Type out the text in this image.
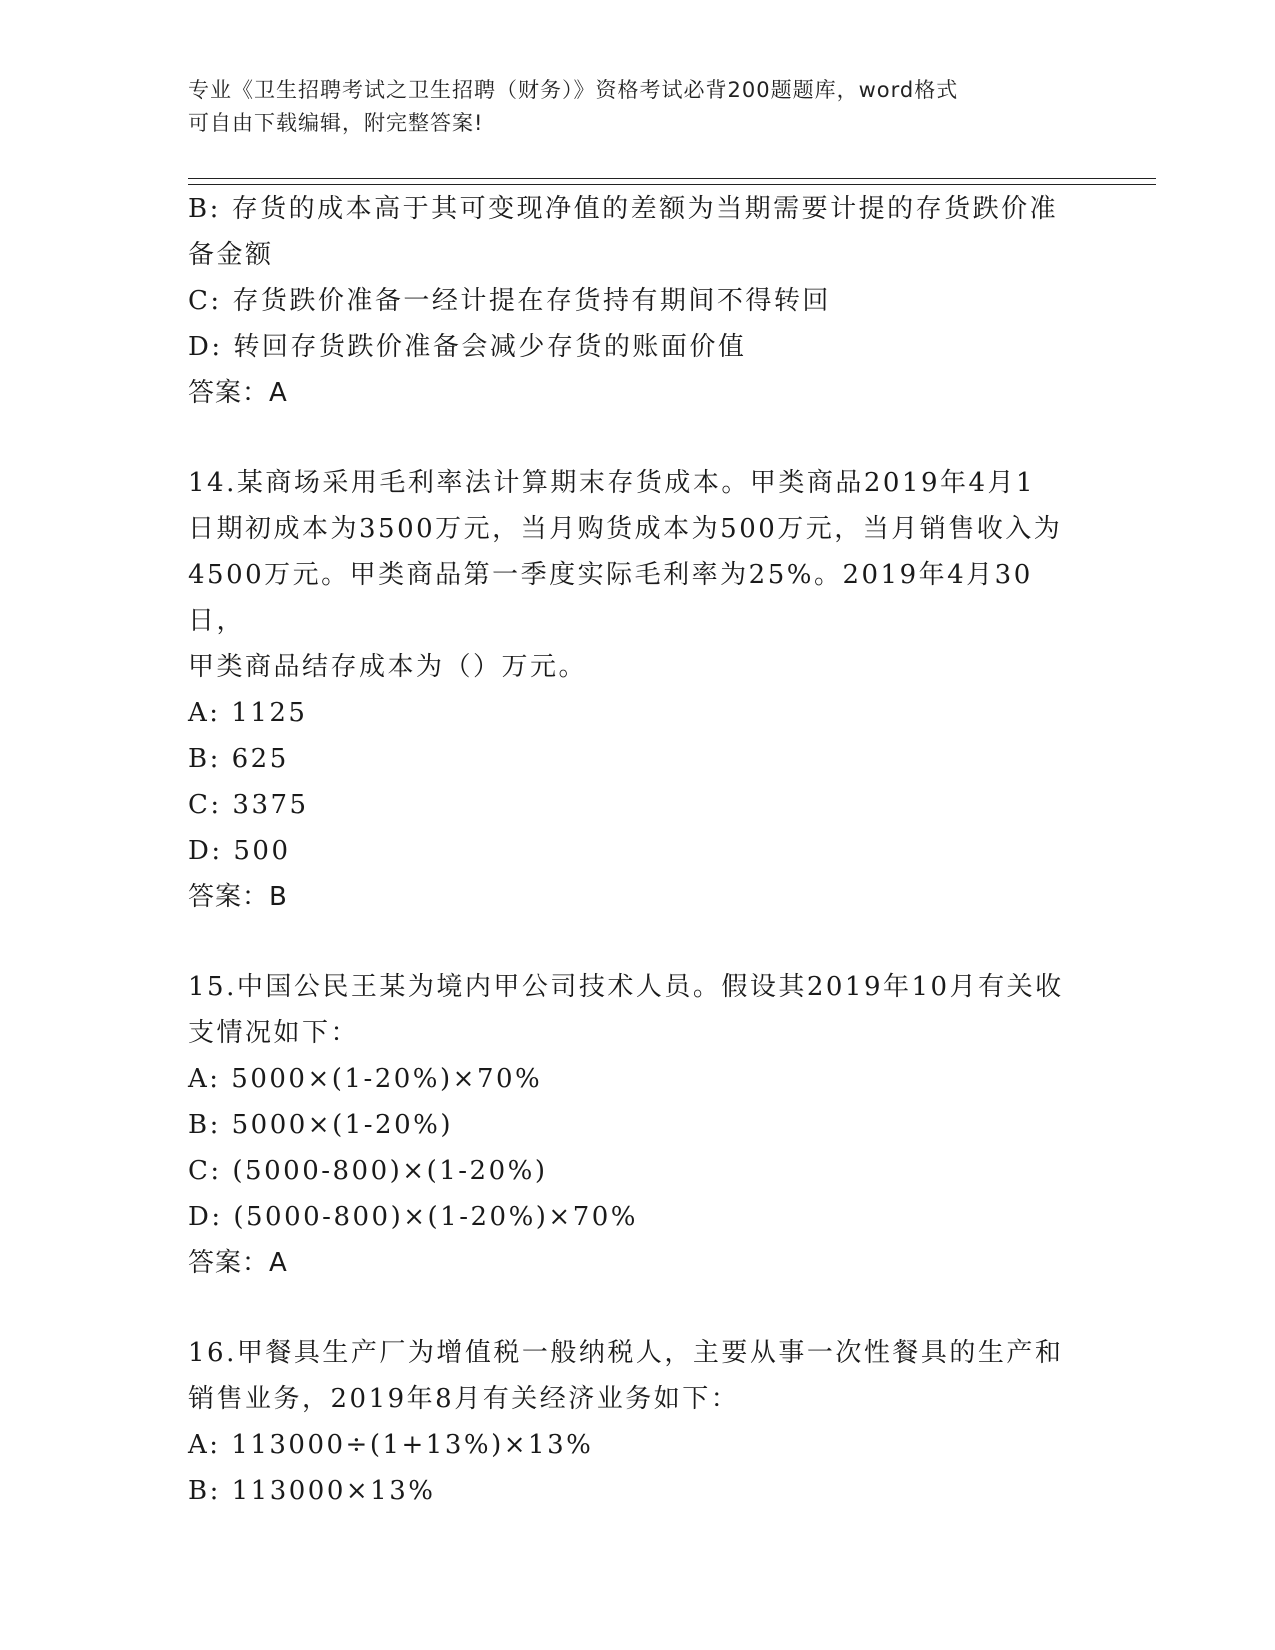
专业《卫生招聘考试之卫生招聘（财务）》资格考试必背200题题库，word格式
可自由下载编辑，附完整答案!
B: 存货的成本高于其可变现净值的差额为当期需要计提的存货跌价准
备金额
C: 存货跌价准备一经计提在存货持有期间不得转回
D: 转回存货跌价准备会减少存货的账面价值
答案：A
14.某商场采用毛利率法计算期末存货成本。甲类商品2019年4月1
日期初成本为3500万元，当月购货成本为500万元，当月销售收入为
4500万元。甲类商品第一季度实际毛利率为25%。2019年4月30日，
甲类商品结存成本为（）万元。
A: 1125
B: 625
C: 3375
D: 500
答案：B
15.中国公民王某为境内甲公司技术人员。假设其2019年10月有关收
支情况如下：
A: 5000×(1-20%)×70%
B: 5000×(1-20%)
C: (5000-800)×(1-20%)
D: (5000-800)×(1-20%)×70%
答案：A
16.甲餐具生产厂为增值税一般纳税人，主要从事一次性餐具的生产和
销售业务，2019年8月有关经济业务如下：
A: 113000÷(1+13%)×13%
B: 113000×13%
